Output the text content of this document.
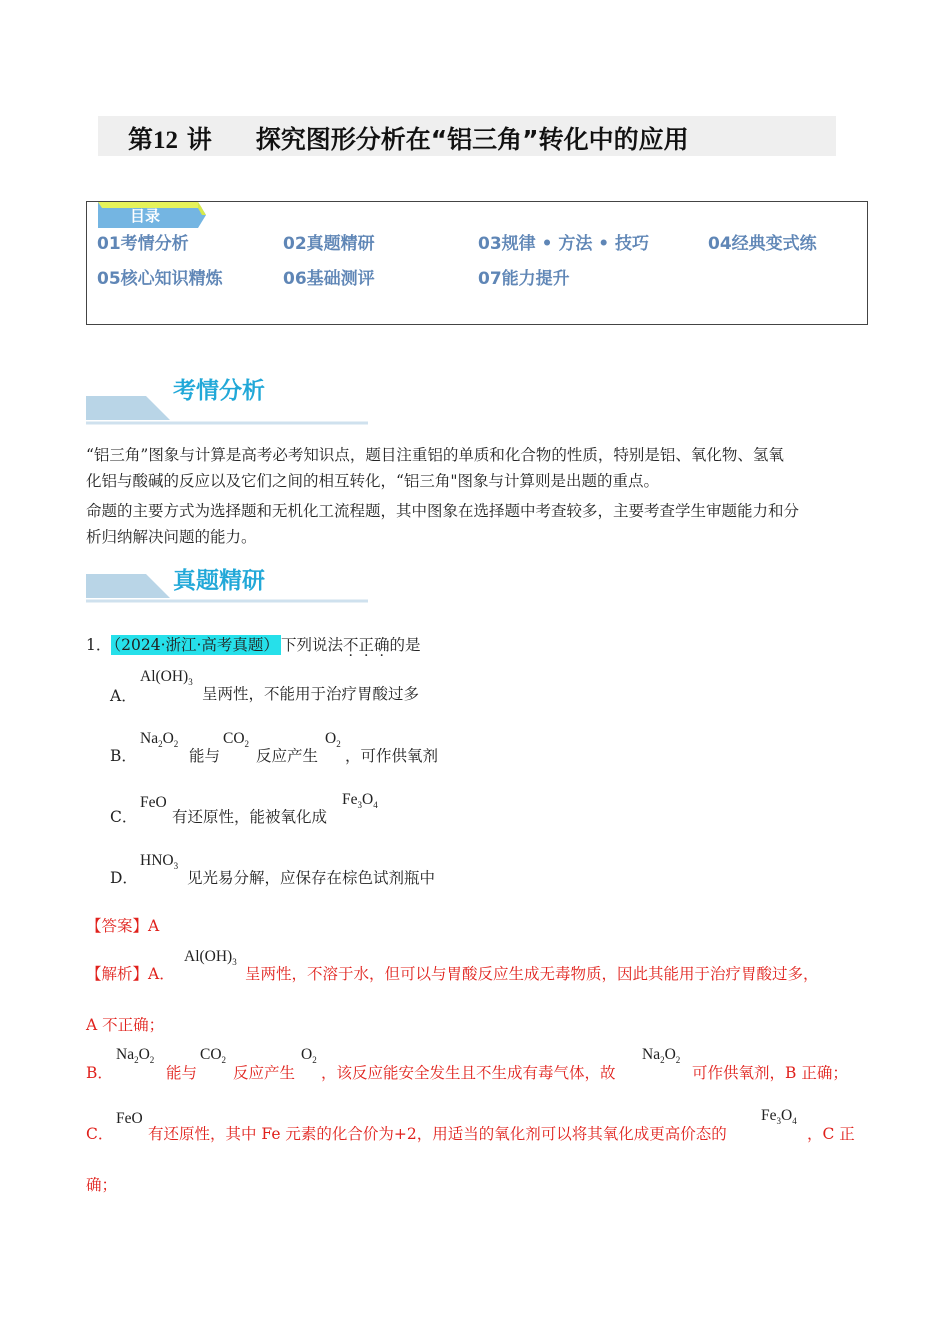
第12 讲 探究图形分析在“铝三角”转化中的应用
目录
01考情分析	02真题精研	03规律 • 方法 • 技巧	04经典变式练
05核心知识精炼	06基础测评	07能力提升
考情分析
“铝三角”图象与计算是高考必考知识点，题目注重铝的单质和化合物的性质，特别是铝、氧化物、氢氧
化铝与酸碱的反应以及它们之间的相互转化，“铝三角"图象与计算则是出题的重点。
命题的主要方式为选择题和无机化工流程题，其中图象在选择题中考查较多，主要考查学生审题能力和分
析归纳解决问题的能力。
真题精研
1． （2024·浙江·高考真题） 下列说法不正确的是
A．
$Al(OH)_3$
呈两性，不能用于治疗胃酸过多
B．
$Na_2O_2$
能与
$CO_2$
反应产生
$O_2$
，可作供氧剂
C．
FeO
有还原性，能被氧化成
$Fe_3O_4$
D．
$HNO_3$
见光易分解，应保存在棕色试剂瓶中
【答案】A
【解析】A．
$Al(OH)_3$
呈两性，不溶于水，但可以与胃酸反应生成无毒物质，因此其能用于治疗胃酸过多，
A 不正确；
B．
$Na_2O_2$
能与
$CO_2$
反应产生
$O_2$
，该反应能安全发生且不生成有毒气体，故
$Na_2O_2$
可作供氧剂，B 正确；
C．
FeO
有还原性，其中 Fe 元素的化合价为+2，用适当的氧化剂可以将其氧化成更高价态的
$Fe_3O_4$
，C 正
确；
